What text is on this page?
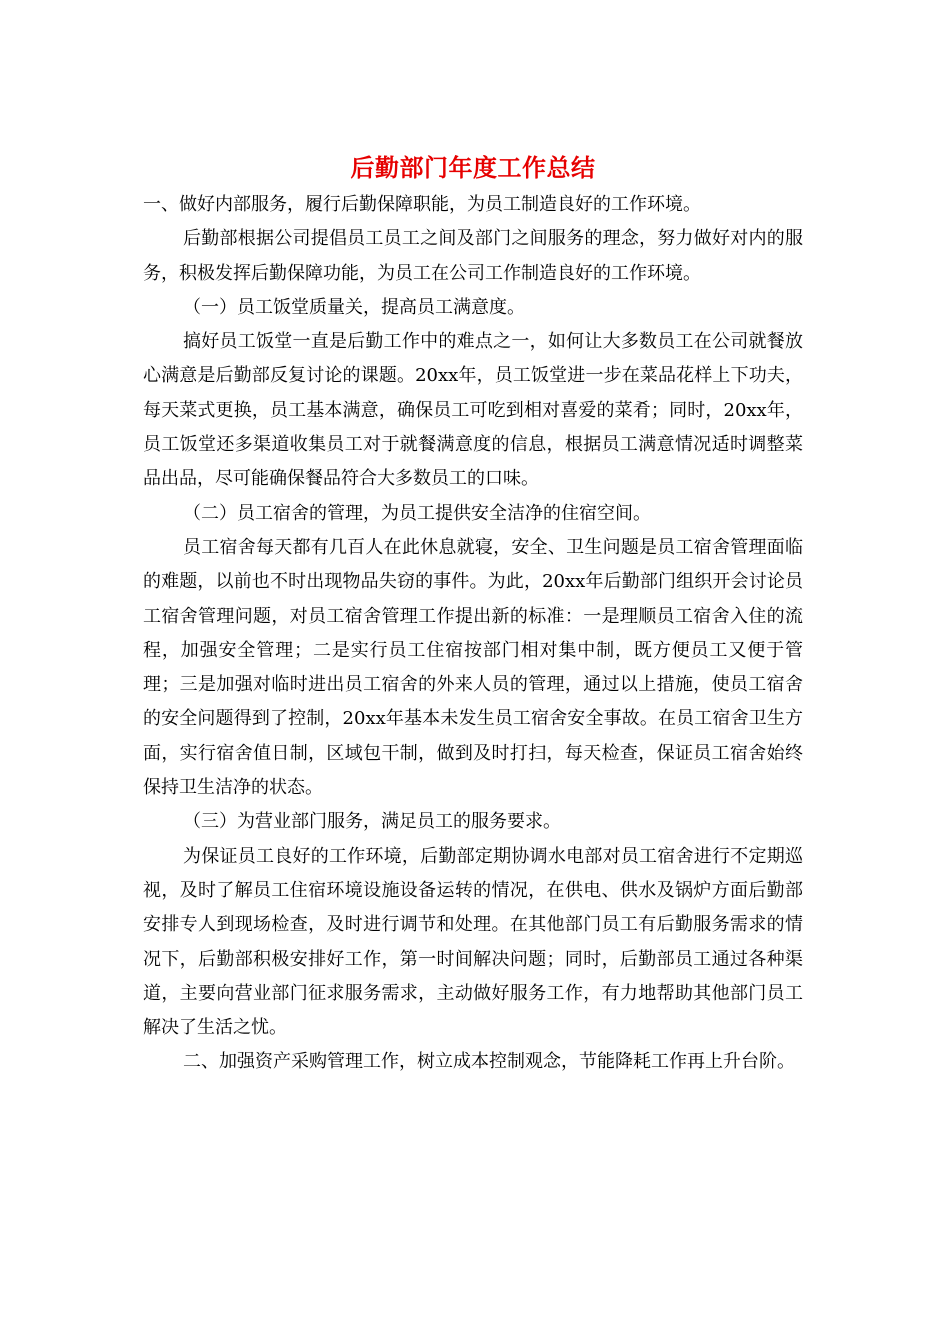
后勤部门年度工作总结

一、做好内部服务，履行后勤保障职能，为员工制造良好的工作环境。

后勤部根据公司提倡员工员工之间及部门之间服务的理念，努力做好对内的服务，积极发挥后勤保障功能，为员工在公司工作制造良好的工作环境。

（一）员工饭堂质量关，提高员工满意度。

搞好员工饭堂一直是后勤工作中的难点之一，如何让大多数员工在公司就餐放心满意是后勤部反复讨论的课题。20xx年，员工饭堂进一步在菜品花样上下功夫，每天菜式更换，员工基本满意，确保员工可吃到相对喜爱的菜肴；同时，20xx年，员工饭堂还多渠道收集员工对于就餐满意度的信息，根据员工满意情况适时调整菜品出品，尽可能确保餐品符合大多数员工的口味。

（二）员工宿舍的管理，为员工提供安全洁净的住宿空间。

员工宿舍每天都有几百人在此休息就寝，安全、卫生问题是员工宿舍管理面临的难题，以前也不时出现物品失窃的事件。为此，20xx年后勤部门组织开会讨论员工宿舍管理问题，对员工宿舍管理工作提出新的标准：一是理顺员工宿舍入住的流程，加强安全管理；二是实行员工住宿按部门相对集中制，既方便员工又便于管理；三是加强对临时进出员工宿舍的外来人员的管理，通过以上措施，使员工宿舍的安全问题得到了控制，20xx年基本未发生员工宿舍安全事故。在员工宿舍卫生方面，实行宿舍值日制，区域包干制，做到及时打扫，每天检查，保证员工宿舍始终保持卫生洁净的状态。

（三）为营业部门服务，满足员工的服务要求。

为保证员工良好的工作环境，后勤部定期协调水电部对员工宿舍进行不定期巡视，及时了解员工住宿环境设施设备运转的情况，在供电、供水及锅炉方面后勤部安排专人到现场检查，及时进行调节和处理。在其他部门员工有后勤服务需求的情况下，后勤部积极安排好工作，第一时间解决问题；同时，后勤部员工通过各种渠道，主要向营业部门征求服务需求，主动做好服务工作，有力地帮助其他部门员工解决了生活之忧。

二、加强资产采购管理工作，树立成本控制观念，节能降耗工作再上升台阶。
